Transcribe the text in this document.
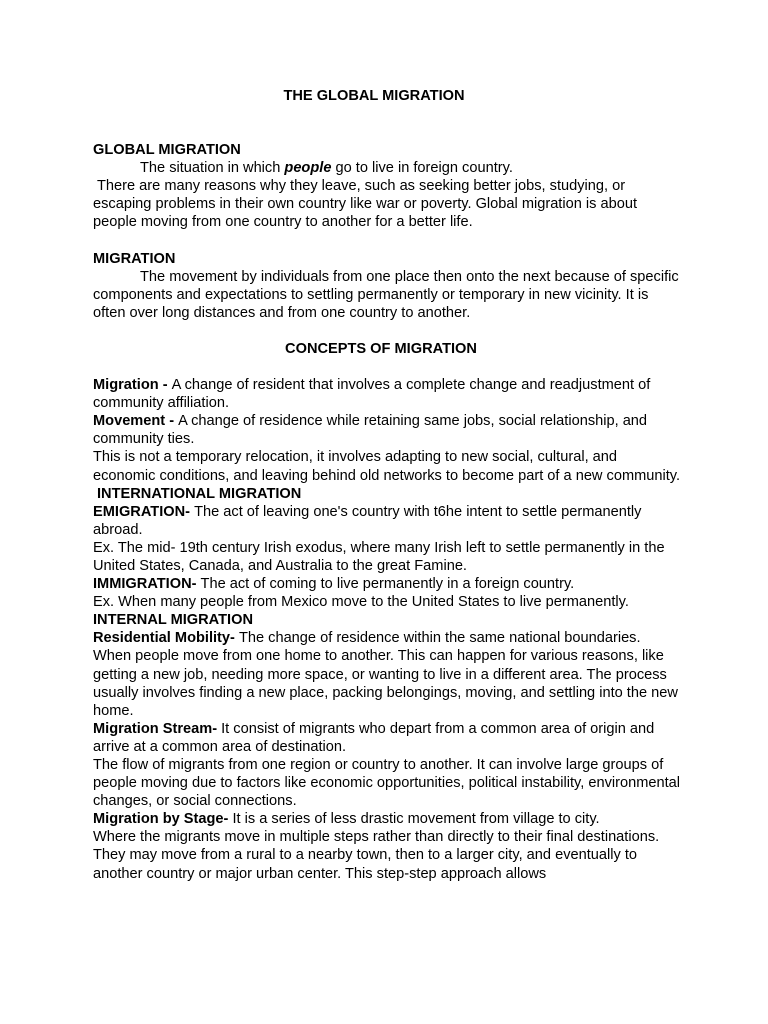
THE GLOBAL MIGRATION

GLOBAL MIGRATION

The situation in which people go to live in foreign country.

There are many reasons why they leave, such as seeking better jobs, studying, or escaping problems in their own country like war or poverty. Global migration is about people moving from one country to another for a better life.

MIGRATION

The movement by individuals from one place then onto the next because of specific components and expectations to settling permanently or temporary in new vicinity. It is often over long distances and from one country to another.

CONCEPTS OF MIGRATION

Migration - A change of resident that involves a complete change and readjustment of community affiliation.

Movement - A change of residence while retaining same jobs, social relationship, and community ties.

This is not a temporary relocation, it involves adapting to new social, cultural, and economic conditions, and leaving behind old networks to become part of a new community.

INTERNATIONAL MIGRATION

EMIGRATION- The act of leaving one's country with t6he intent to settle permanently abroad.

Ex. The mid- 19th century Irish exodus, where many Irish left to settle permanently in the United States, Canada, and Australia to the great Famine.

IMMIGRATION- The act of coming to live permanently in a foreign country.

Ex. When many people from Mexico move to the United States to live permanently.

INTERNAL MIGRATION

Residential Mobility- The change of residence within the same national boundaries.

When people move from one home to another. This can happen for various reasons, like getting a new job, needing more space, or wanting to live in a different area. The process usually involves finding a new place, packing belongings, moving, and settling into the new home.

Migration Stream- It consist of migrants who depart from a common area of origin and arrive at a common area of destination.

The flow of migrants from one region or country to another. It can involve large groups of people moving due to factors like economic opportunities, political instability, environmental changes, or social connections.

Migration by Stage- It is a series of less drastic movement from village to city.

Where the migrants move in multiple steps rather than directly to their final destinations. They may move from a rural to a nearby town, then to a larger city, and eventually to another country or major urban center. This step-step approach allows
